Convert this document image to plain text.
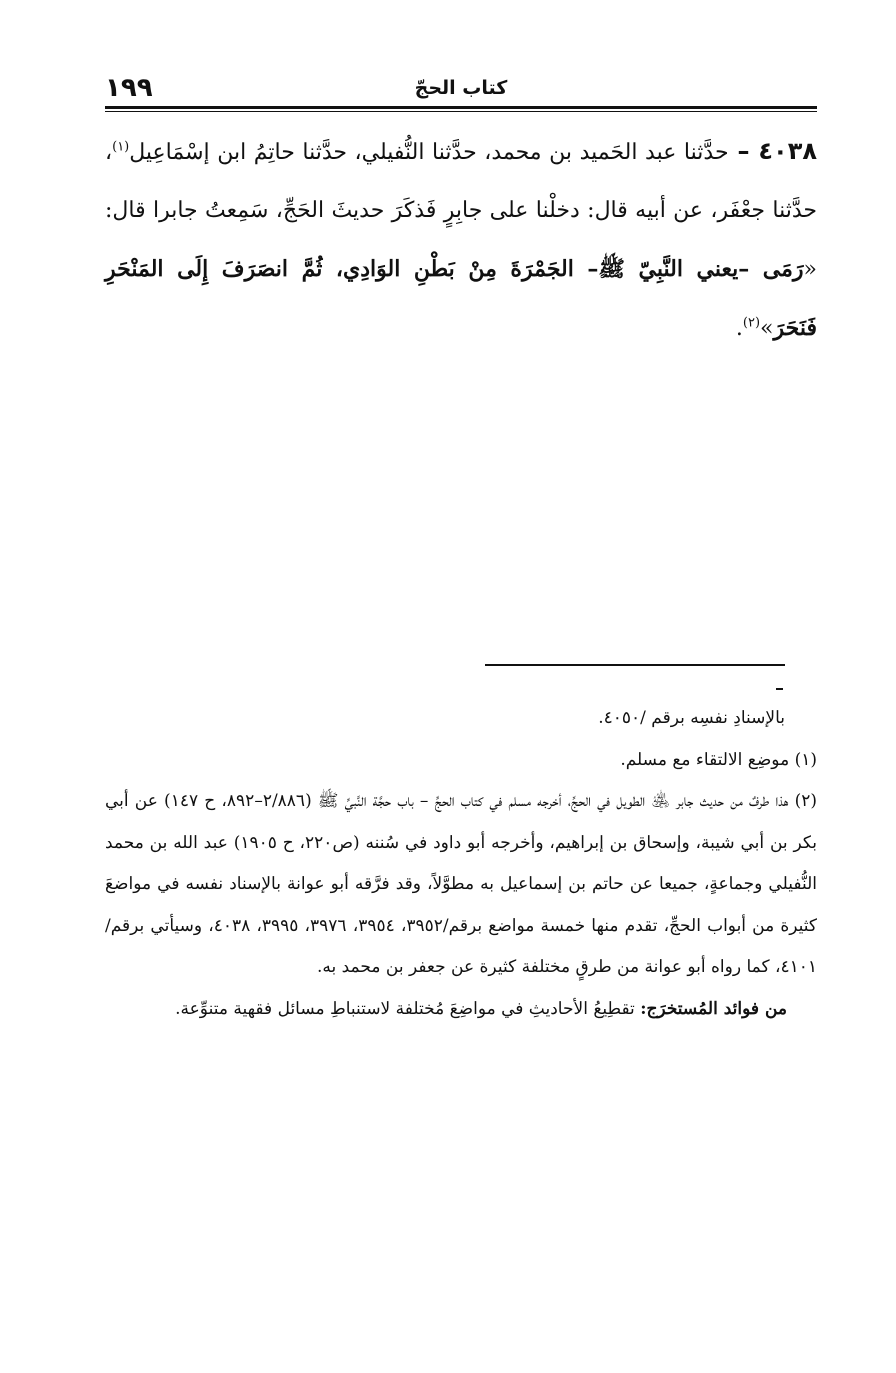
١٩٩	كتاب الحجّ
٤٠٣٨ – حدَّثنا عبد الحَميد بن محمد، حدَّثنا النُّفيلي، حدَّثنا حاتِمُ ابن إسْمَاعِيل$^{(١)}$، حدَّثنا جعْفَر، عن أبيه قال: دخلْنا على جابِرٍ فَذكَرَ حديثَ الحَجِّ، سَمِعتُ جابرا قال: «رَمَى –يعني النَّبِيّ ﷺ– الجَمْرَةَ مِنْ بَطْنِ الوَادِي، ثُمَّ انصَرَفَ إِلَى المَنْحَرِ فَنَحَرَ»$^{(٢)}$.

بالإسنادِ نفسِه برقم /٤٠٥٠.

(١) موضِع الالتقاء مع مسلم.

(٢) هذا طرفٌ من حديث جابر ﵁ الطويل في الحجِّ، أخرجه مسلم في كتاب الحجِّ – باب حجَّة النَّبيِّ ﷺ (٢/٨٨٦–٨٩٢، ح ١٤٧) عن أبي بكر بن أبي شيبة، وإسحاق بن إبراهيم، وأخرجه أبو داود في سُننه (ص٢٢٠، ح ١٩٠٥) عبد الله بن محمد النُّفيلي وجماعةٍ، جميعا عن حاتم بن إسماعيل به مطوَّلاً، وقد فرَّقه أبو عوانة بالإسناد نفسه في مواضعَ كثيرة من أبواب الحجِّ، تقدم منها خمسة مواضع برقم/٣٩٥٢، ٣٩٥٤، ٣٩٧٦، ٣٩٩٥، ٤٠٣٨، وسيأتي برقم/٤١٠١، كما رواه أبو عوانة من طرقٍ مختلفة كثيرة عن جعفر بن محمد به.

من فوائد المُستخرَج: تقطِيعُ الأحاديثِ في مواضِعَ مُختلفة لاستنباطِ مسائل فقهية متنوِّعة.
